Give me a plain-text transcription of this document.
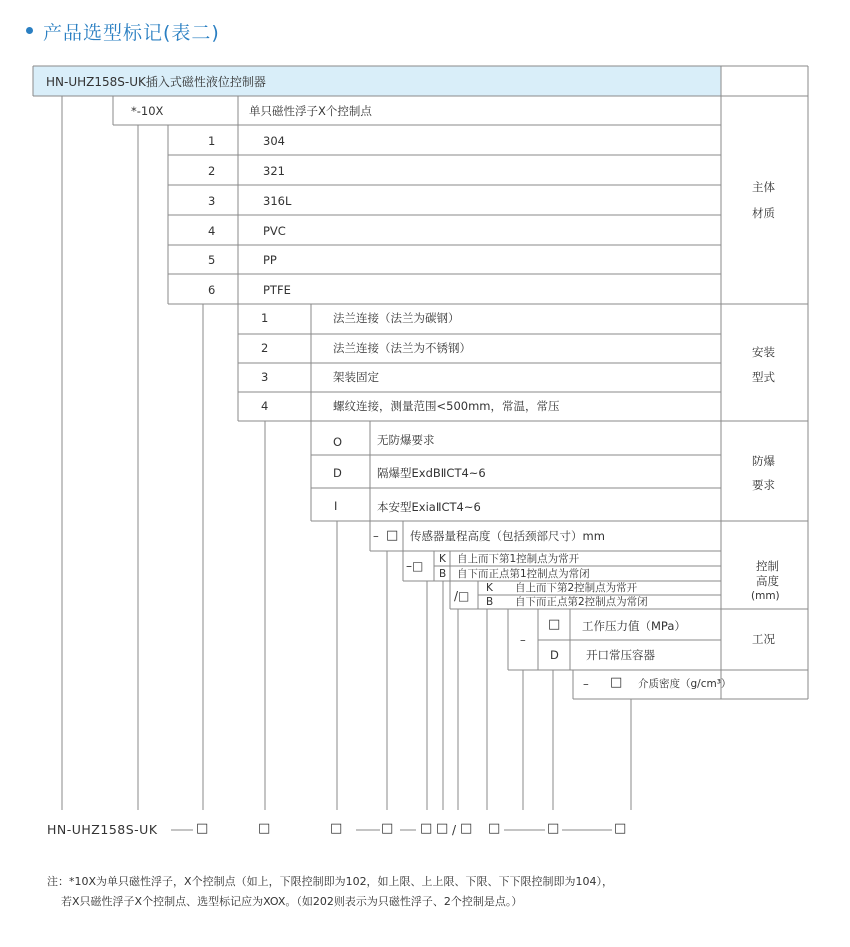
产品选型标记(表二)
HN-UHZ158S-UK插入式磁性液位控制器
*-10X	单只磁性浮子X个控制点
1	304
2	321
3	316L
4	PVC
5	PP
6	PTFE
主体
材质
1	法兰连接（法兰为碳钢）
2	法兰连接（法兰为不锈钢）
3	架装固定
4	螺纹连接，测量范围<500mm，常温，常压
安装
型式
O	无防爆要求
D	隔爆型ExdBⅡCT4~6
I	本安型ExiaⅡCT4~6
防爆
要求
– □ 传感器量程高度（包括颈部尺寸）mm
–□ K 自上而下第1控制点为常开
B 自下而正点第1控制点为常闭
/□
K 自上而下第2控制点为常开
B 自下而正点第2控制点为常闭
控制
高度
(mm)
–
□ 工作压力值（MPa）
D 开口常压容器
工况
– □ 介质密度（g/cm³）
HN-UHZ158S-UK	□	□	□	□ □ □ / □ □	□	□
注：*10X为单只磁性浮子，X个控制点（如上，下限控制即为102，如上限、上上限、下限、下下限控制即为104），
若X只磁性浮子X个控制点、选型标记应为XOX。（如202则表示为只磁性浮子、2个控制是点。）
